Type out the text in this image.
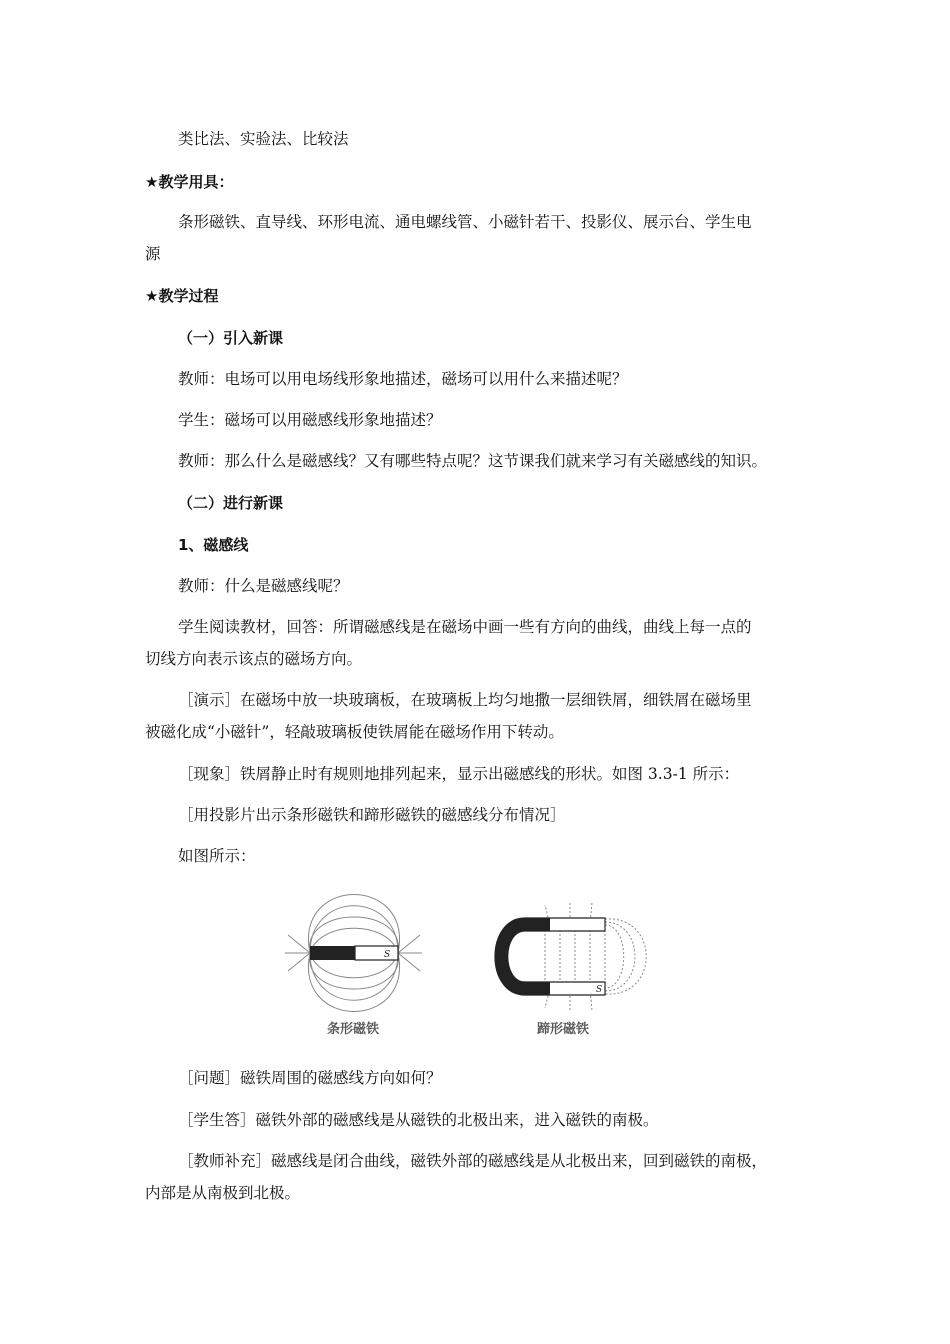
类比法、实验法、比较法
★教学用具：
条形磁铁、直导线、环形电流、通电螺线管、小磁针若干、投影仪、展示台、学生电
源
★教学过程
（一）引入新课
教师：电场可以用电场线形象地描述，磁场可以用什么来描述呢？
学生：磁场可以用磁感线形象地描述？
教师：那么什么是磁感线？又有哪些特点呢？这节课我们就来学习有关磁感线的知识。
（二）进行新课
1、磁感线
教师：什么是磁感线呢？
学生阅读教材，回答：所谓磁感线是在磁场中画一些有方向的曲线，曲线上每一点的
切线方向表示该点的磁场方向。
［演示］在磁场中放一块玻璃板，在玻璃板上均匀地撒一层细铁屑，细铁屑在磁场里
被磁化成“小磁针”，轻敲玻璃板使铁屑能在磁场作用下转动。
［现象］铁屑静止时有规则地排列起来，显示出磁感线的形状。如图 3.3-1 所示：
［用投影片出示条形磁铁和蹄形磁铁的磁感线分布情况］
如图所示：
S
条形磁铁
S
蹄形磁铁
［问题］磁铁周围的磁感线方向如何？
［学生答］磁铁外部的磁感线是从磁铁的北极出来，进入磁铁的南极。
［教师补充］磁感线是闭合曲线，磁铁外部的磁感线是从北极出来，回到磁铁的南极，
内部是从南极到北极。
